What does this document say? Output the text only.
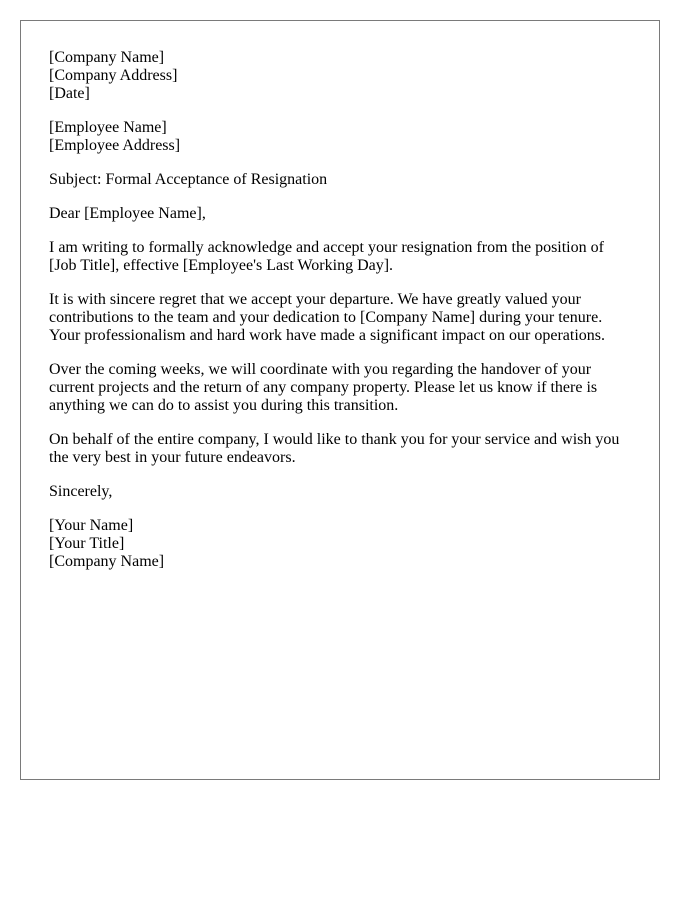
[Company Name]
[Company Address]
[Date]
[Employee Name]
[Employee Address]
Subject: Formal Acceptance of Resignation
Dear [Employee Name],

I am writing to formally acknowledge and accept your resignation from the position of
[Job Title], effective [Employee's Last Working Day].

It is with sincere regret that we accept your departure. We have greatly valued your
contributions to the team and your dedication to [Company Name] during your tenure.
Your professionalism and hard work have made a significant impact on our operations.

Over the coming weeks, we will coordinate with you regarding the handover of your
current projects and the return of any company property. Please let us know if there is
anything we can do to assist you during this transition.

On behalf of the entire company, I would like to thank you for your service and wish you
the very best in your future endeavors.

Sincerely,
[Your Name]
[Your Title]
[Company Name]
